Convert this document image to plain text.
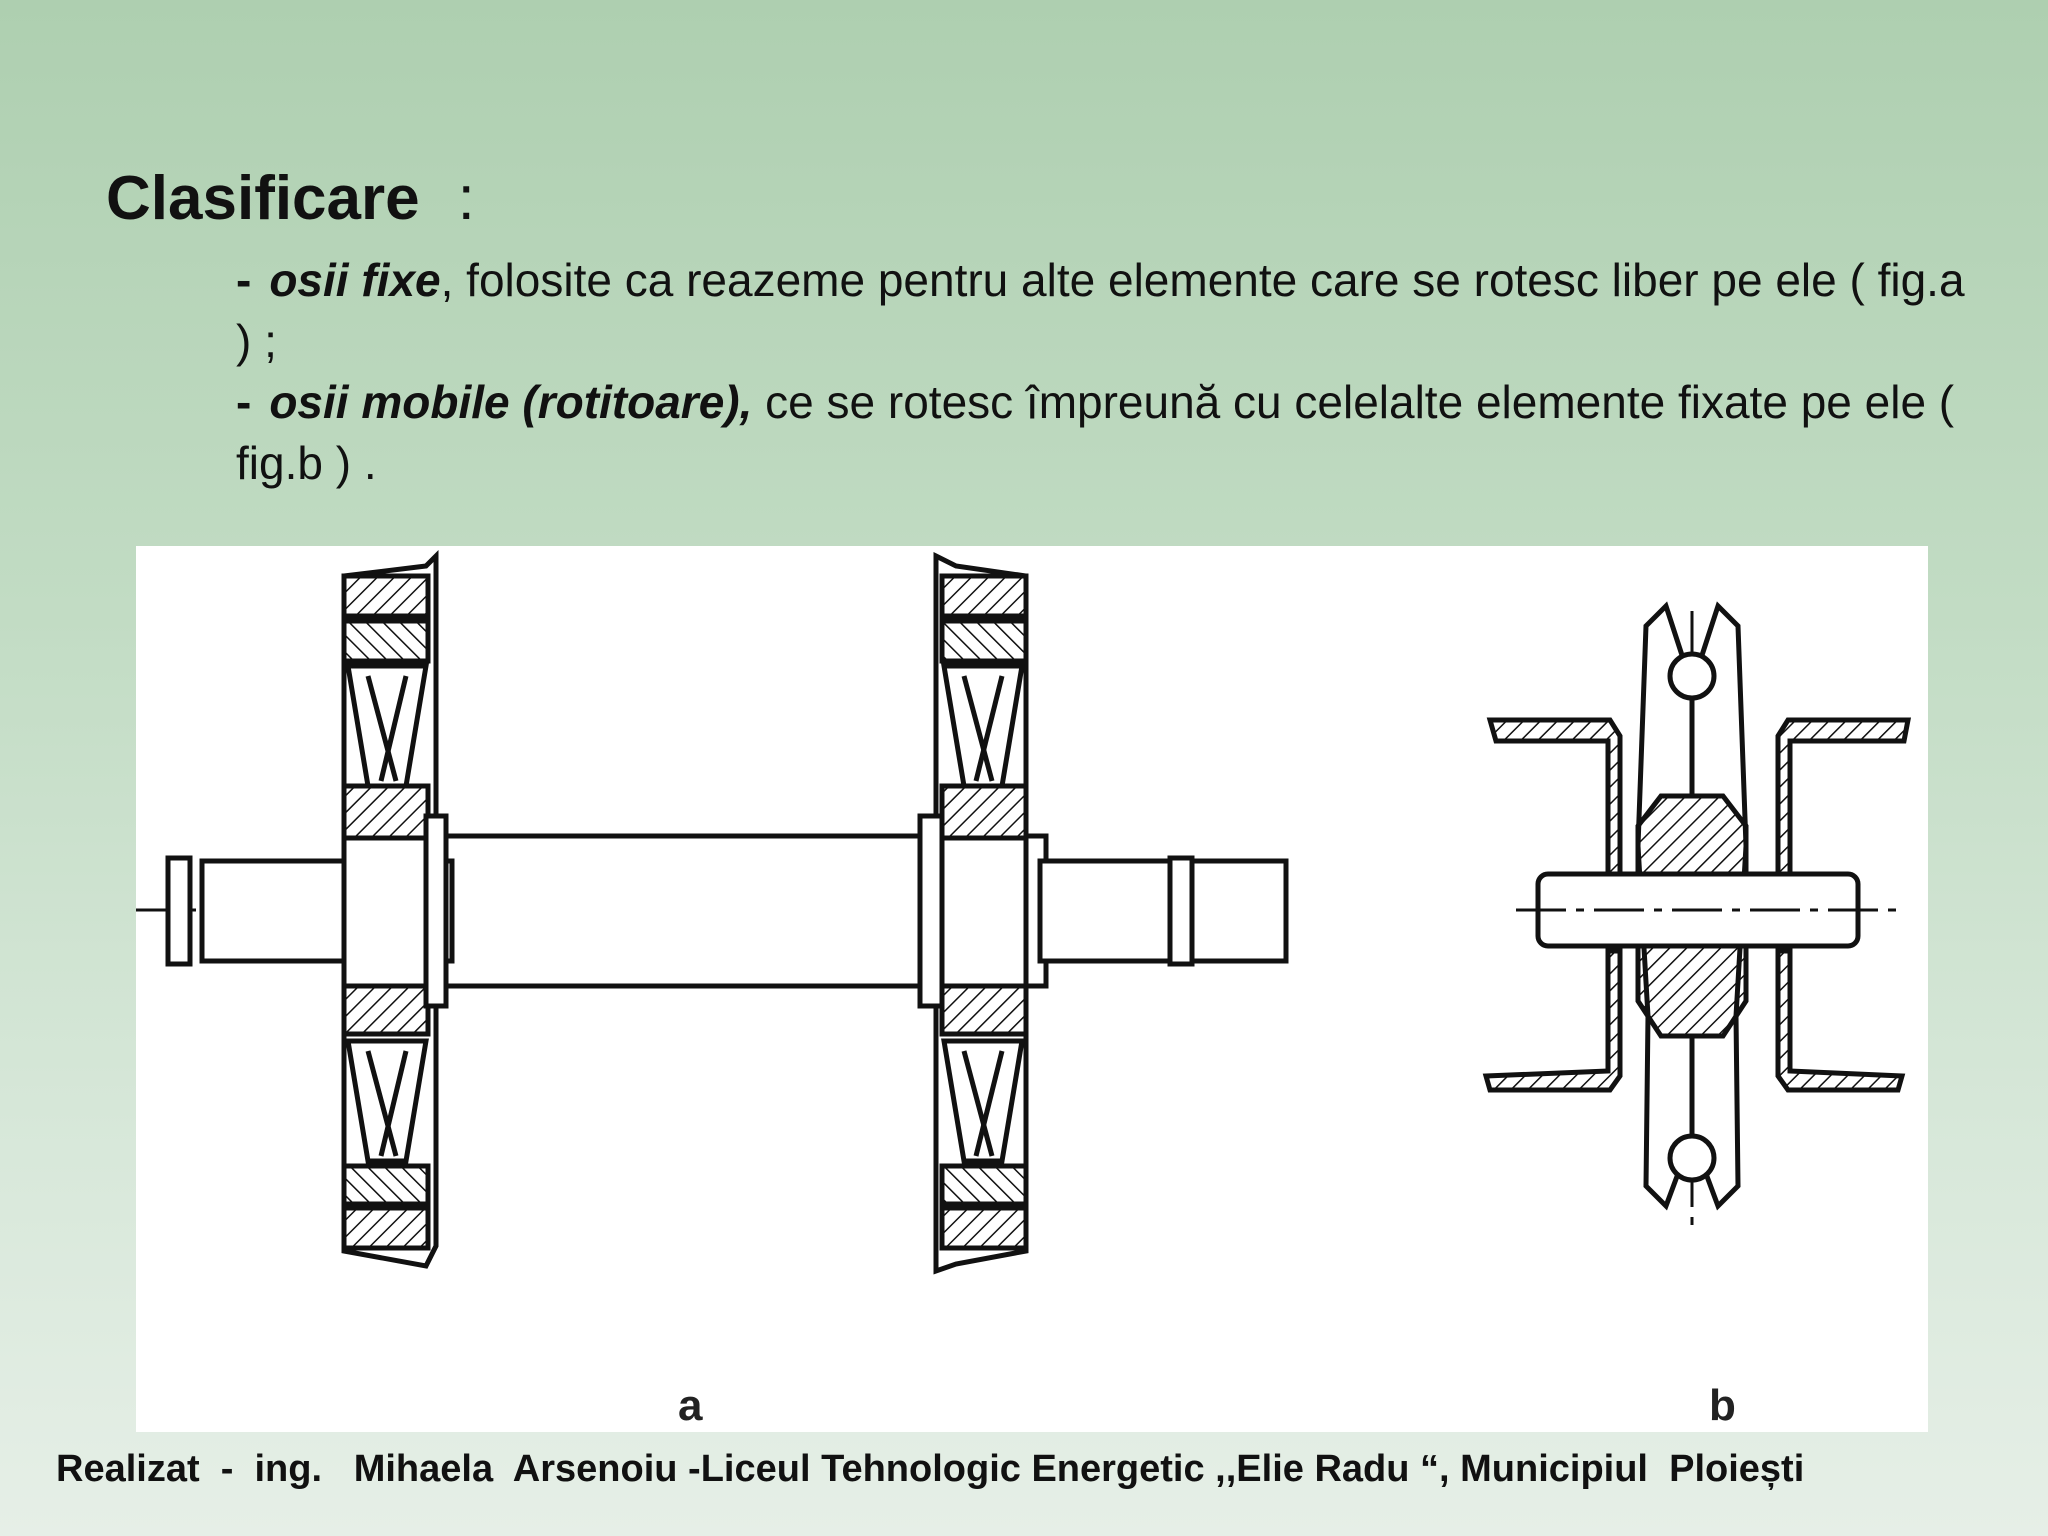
Clasificare :

- osii fixe, folosite ca reazeme pentru alte elemente care se rotesc liber pe ele ( fig.a ) ;

- osii mobile (rotitoare), ce se rotesc împreună cu celelalte elemente fixate pe ele ( fig.b ) .

a	b
Realizat  -  ing.   Mihaela  Arsenoiu -Liceul Tehnologic Energetic ,,Elie Radu “, Municipiul  Ploiești
